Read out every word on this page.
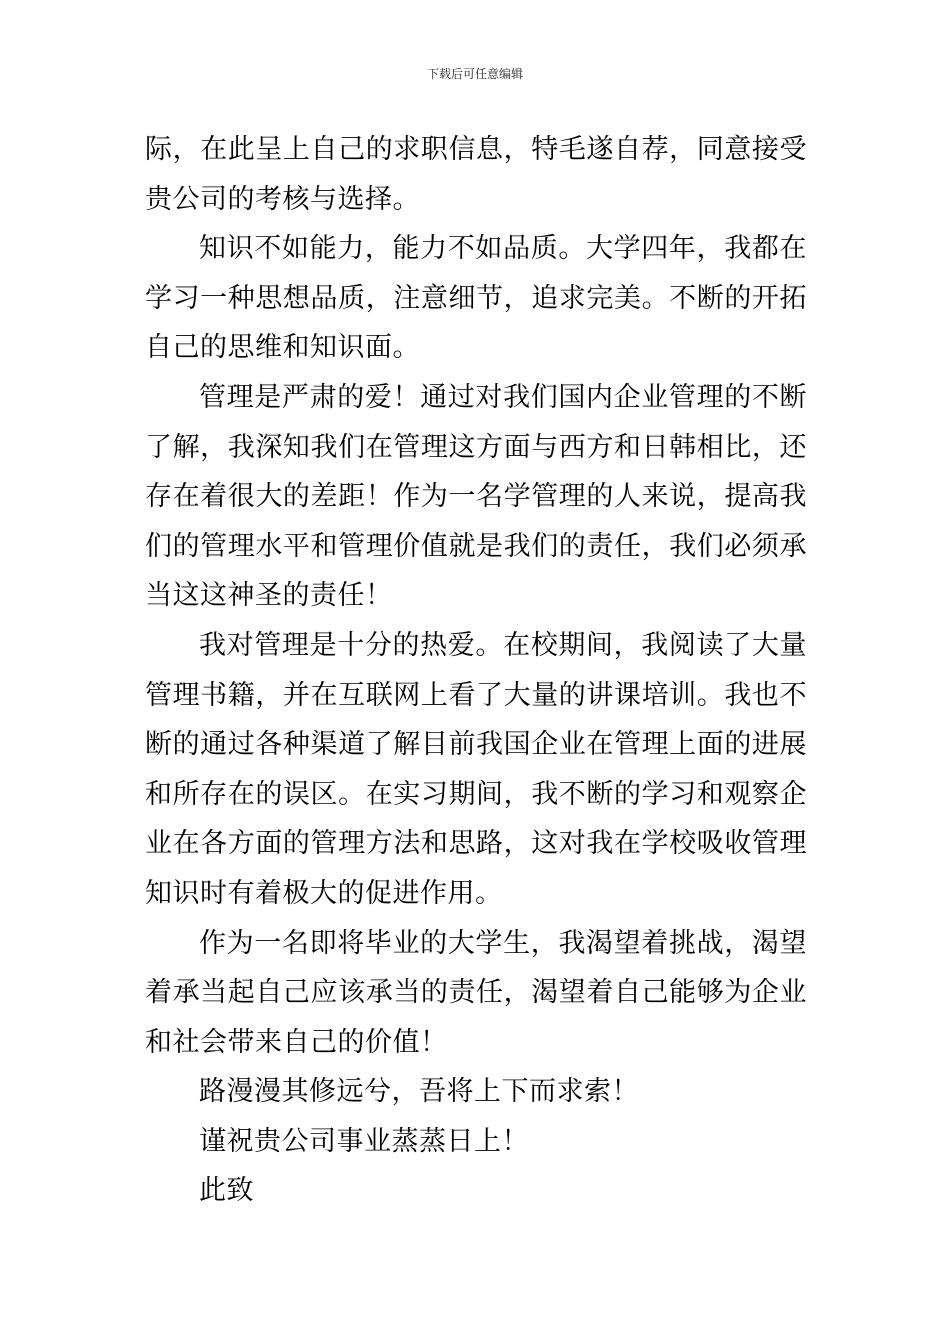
下载后可任意编辑

际，在此呈上自己的求职信息，特毛遂自荐，同意接受贵公司的考核与选择。

知识不如能力，能力不如品质。大学四年，我都在学习一种思想品质，注意细节，追求完美。不断的开拓自己的思维和知识面。

管理是严肃的爱！通过对我们国内企业管理的不断了解，我深知我们在管理这方面与西方和日韩相比，还存在着很大的差距！作为一名学管理的人来说，提高我们的管理水平和管理价值就是我们的责任，我们必须承当这这神圣的责任！

我对管理是十分的热爱。在校期间，我阅读了大量管理书籍，并在互联网上看了大量的讲课培训。我也不断的通过各种渠道了解目前我国企业在管理上面的进展和所存在的误区。在实习期间，我不断的学习和观察企业在各方面的管理方法和思路，这对我在学校吸收管理知识时有着极大的促进作用。

作为一名即将毕业的大学生，我渴望着挑战，渴望着承当起自己应该承当的责任，渴望着自己能够为企业和社会带来自己的价值！

路漫漫其修远兮，吾将上下而求索！

谨祝贵公司事业蒸蒸日上！

此致
